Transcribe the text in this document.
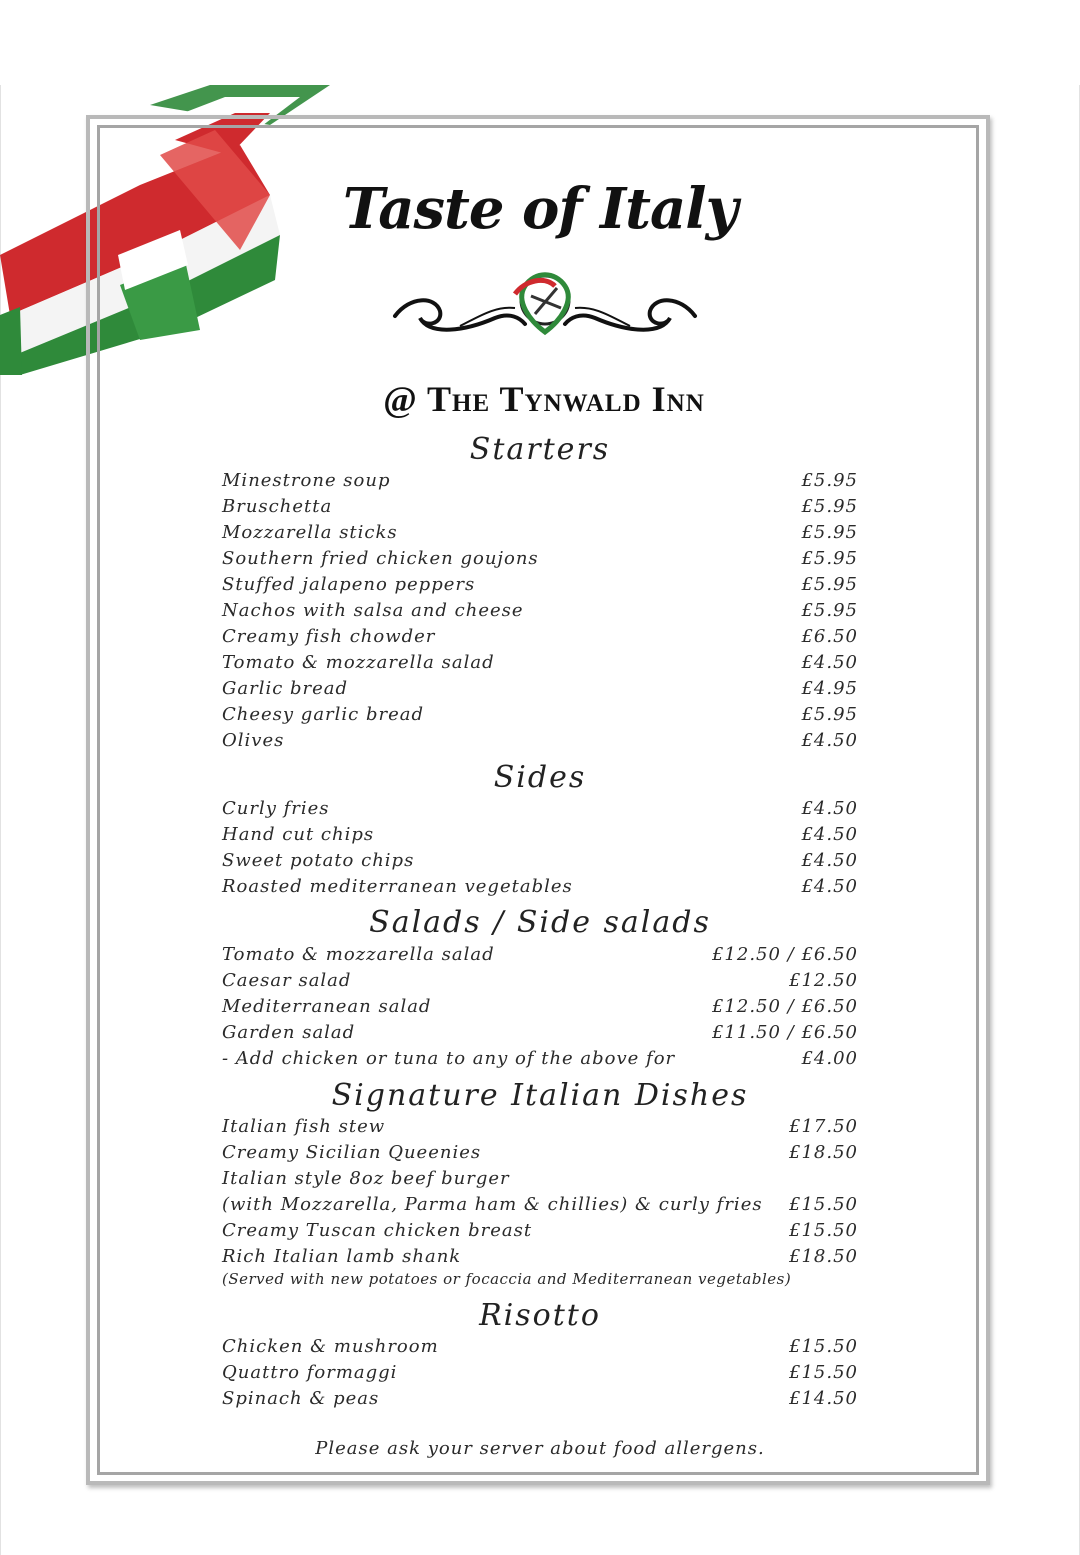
Taste of Italy
@ The Tynwald Inn
Starters
Minestrone soup	£5.95
Bruschetta	£5.95
Mozzarella sticks	£5.95
Southern fried chicken goujons	£5.95
Stuffed jalapeno peppers	£5.95
Nachos with salsa and cheese	£5.95
Creamy fish chowder	£6.50
Tomato & mozzarella salad	£4.50
Garlic bread	£4.95
Cheesy garlic bread	£5.95
Olives	£4.50
Sides
Curly fries	£4.50
Hand cut chips	£4.50
Sweet potato chips	£4.50
Roasted mediterranean vegetables	£4.50
Salads / Side salads
Tomato & mozzarella salad	£12.50 / £6.50
Caesar salad	£12.50
Mediterranean salad	£12.50 / £6.50
Garden salad	£11.50 / £6.50
- Add chicken or tuna to any of the above for	£4.00
Signature Italian Dishes
Italian fish stew	£17.50
Creamy Sicilian Queenies	£18.50
Italian style 8oz beef burger
(with Mozzarella, Parma ham & chillies) & curly fries £15.50
Creamy Tuscan chicken breast	£15.50
Rich Italian lamb shank	£18.50
(Served with new potatoes or focaccia and Mediterranean vegetables)
Risotto
Chicken & mushroom	£15.50
Quattro formaggi	£15.50
Spinach & peas	£14.50
Please ask your server about food allergens.
